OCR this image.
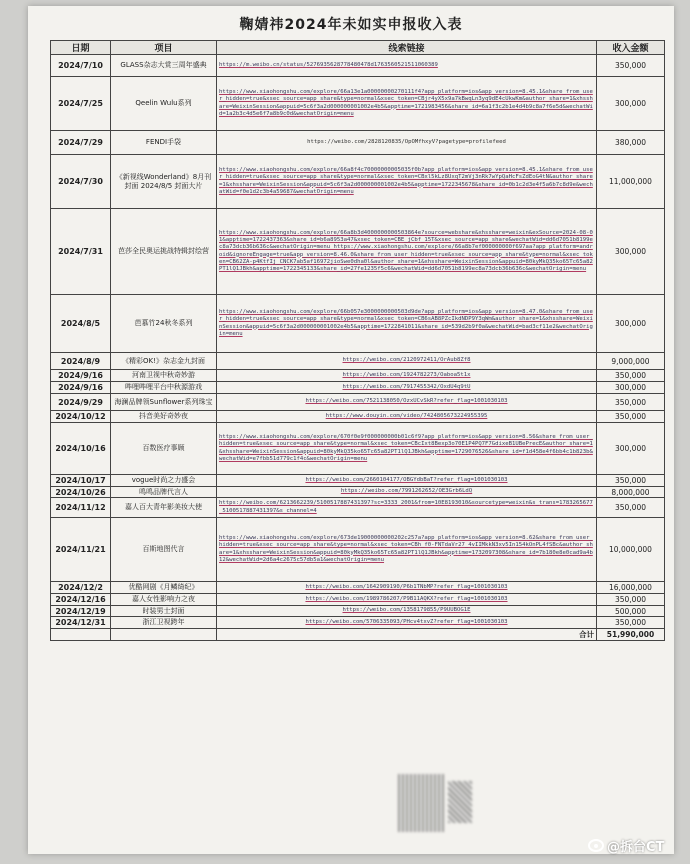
鞠婧祎2024年未如实申报收入表
日期	项目	线索链接	收入金额
2024/7/10	GLASS杂志大赏三周年盛典	https://m.weibo.cn/status/5276935628778480478d1763560521511060389	350,000
2024/7/25	Qeelin Wulu系列	https://www.xiaohongshu.com/explore/66a13e1a00000000270111f4?app_platform=ios&app_version=8.45.1&share_from_user_hidden=true&xsec_source=app_share&type=normal&xsec_token=CBjr4yX5x9a7kBwqLn3yq9dE4cUkwKm&author_share=1&xhsshare=WeixinSession&appuid=5c6f3a2d000000001002e4b5&apptime=1721983456&share_id=6a1f3c2b1e4d4b9c8a7f6e5d&wechatWid=1a2b3c4d5e6f7a8b9c0d&wechatOrigin=menu	300,000
2024/7/29	FENDI手袋	https://weibo.com/2828120835/OpOMfhxyV?pagetype=profilefeed	380,000
2024/7/30	《新视线Wonderland》8月刊封面 2024/8/5 封面大片	https://www.xiaohongshu.com/explore/66a8f4c70000000005035f0b?app_platform=ios&app_version=8.45.1&share_from_user_hidden=true&xsec_source=app_share&type=normal&xsec_token=CBxl5kLz8UxqT2mVj3nRk7wYpQaHcFsZdEoG4tN&author_share=1&xhsshare=WeixinSession&appuid=5c6f3a2d000000001002e4b5&apptime=1722345678&share_id=0b1c2d3e4f5a6b7c8d9e&wechatWid=f0e1d2c3b4a59687&wechatOrigin=menu	11,000,000
2024/7/31	芭莎全民奥运挑战特辑封绘营	https://www.xiaohongshu.com/explore/66a8b3d4000000000503864e?source=webshare&xhsshare=weixin&exSource=2024-08-01&apptime=1722437363&share_id=b6a8953a47&xsec_token=CBE_jCbf_15T&xsec_source=app_share&wechatWid=dd6d7051b8199ec8a73dcb36b636c&wechatOrigin=menu https://www.xiaohongshu.com/explore/66a8b7ef000000000f697aa?app_platform=android&ignoreEngage=true&app_version=8.46.0&share_from_user_hidden=true&xsec_source=app_share&type=normal&xsec_token=CB62ZA-p4KtfIj_CNCK7ab5af16972jioSwe0dha0l&author_share=1&xhsshare=WeixinSession&appuid=80kyMkQ35ko65Tc65a82PT1lQ1JBkh&apptime=1722345133&share_id=27fe1235f5c6&wechatWid=dd6d7051b8199ec8a73dcb36b636c&wechatOrigin=menu	300,000
2024/8/5	芭慕竹24秋冬系列	https://www.xiaohongshu.com/explore/66b057e3000000000503d9de?app_platform=ios&app_version=8.47.0&share_from_user_hidden=true&xsec_source=app_share&type=normal&xsec_token=CB6sAB8PZcIkdNDP9Y3qWm&author_share=1&xhsshare=WeixinSession&appuid=5c6f3a2d000000001002e4b5&apptime=1722841011&share_id=539d2b9f0a&wechatWid=bad3cf11e2&wechatOrigin=menu	300,000
2024/8/9	《精彩OK!》杂志金九封面	https://weibo.com/2120972411/OrAub8Zf8	9,000,000
2024/9/16	河南卫视中秋奇妙游	https://weibo.com/1924782273/Oaboa5t1x	350,000
2024/9/16	哔哩哔哩平台中秋源游戏	https://weibo.com/7917455342/OxdU4q9tU	300,000
2024/9/29	海澜品牌领Sunflower系列珠宝	https://weibo.com/7521138050/OzxUCvSkR?refer_flag=1001030103	350,000
2024/10/12	抖音美好奇妙夜	https://www.douyin.com/video/7424805673224955395	350,000
2024/10/16	百数医疗事顾	https://www.xiaohongshu.com/explore/670f0e9f000000000b01c6f9?app_platform=ios&app_version=8.56&share_from_user_hidden=true&xsec_source=app_share&type=normal&xsec_token=CBcIxt8Bexp3o70E1P4PQ7F7GdixeB1UBePrecE&author_share=1&xhsshare=WeixinSession&appuid=80kyMkQ35ko65Tc65a82PT1lQ1JBkh&apptime=1729076526&share_id=f1d458e4f6bb4c1b823b&wechatWid=e7fbb51d779c1f4c&wechatOrigin=menu	300,000
2024/10/17	vogue时尚之力盛会	https://weibo.com/2660104177/OBGYdbBaT?refer_flag=1001030103	350,000
2024/10/26	鸣鸣品牌代言人	https://weibo.com/7991262652/OE3Grb6LdQ	8,000,000
2024/11/12	嘉人百大青年影美妆大使	https://weibo.com/6213662239/5100517887431397?sc=3333_2001&from=10E8193010&sourcetype=weixin&s_trans=1783265677_5100517887431397&s_channel=4	350,000
2024/11/21	百斯地图代言	https://www.xiaohongshu.com/explore/673de19000000000202c257a?app_platform=ios&app_version=8.62&share_from_user_hidden=true&xsec_source=app_share&type=normal&xsec_token=CBh_f0-FNTdaVr27_4vIIMkkN3xv5In154kOnPL4fSBc&author_share=1&xhsshare=WeixinSession&appuid=80kyMkQ35ko65Tc65a82PT1lQ1JBkh&apptime=1732097308&share_id=7b180e8e0cad9a4b12&wechatWid=2d6a4c2675c57db5a1&wechatOrigin=menu	10,000,000
2024/12/2	优酷网剧《月鳞绮纪》	https://weibo.com/1642909190/P6b1TNbMP?refer_flag=1001030103	16,000,000
2024/12/16	嘉人女性影响力之夜	https://weibo.com/1989786207/P9B11AQKX?refer_flag=1001030103	350,000
2024/12/19	时装男士封面	https://weibo.com/1358179855/P9UUBOG1E	500,000
2024/12/31	浙江卫视跨年	https://weibo.com/5706335093/PHcv4txvZ?refer_flag=1001030103	350,000
		合计	51,990,000
@拆台CT
